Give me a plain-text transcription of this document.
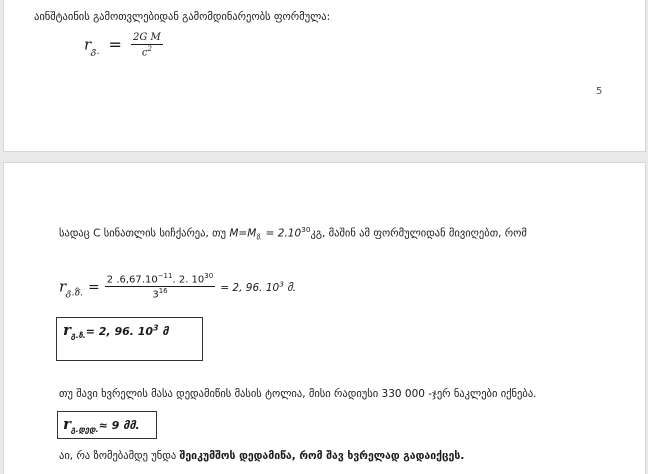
აინშტაინის გამოთვლებიდან გამომდინარეობს ფორმულა:
$r_{გ.} = \frac{\text{2G M}}{c^2}$
5
სადაც C სინათლის სიჩქარეა, თუ $M=M_{ზ.}$ = $2.10^{30}კგ$, მაშინ ამ ფორმულიდან მივიღებთ, რომ
$r_{გ.ზ.} = \frac{2 .6,67.10^{-11}. 2. 10^{30}}{3^{16}} = 2$, 96. $10^3$ მ.
$r_{გ.ზ.}= 2$, 96. $10^3$ მ
თუ შავი ხვრელის მასა დედამიწის მასის ტოლია, მისი რადიუსი 330 000 -ჯერ ნაკლები იქნება.
$r_{გ.დედ.}\approx 9$ მმ.
აი, რა ზომებამდე უნდა შეიკუმშოს დედამიწა, რომ შავ ხვრელად გადაიქცეს.
